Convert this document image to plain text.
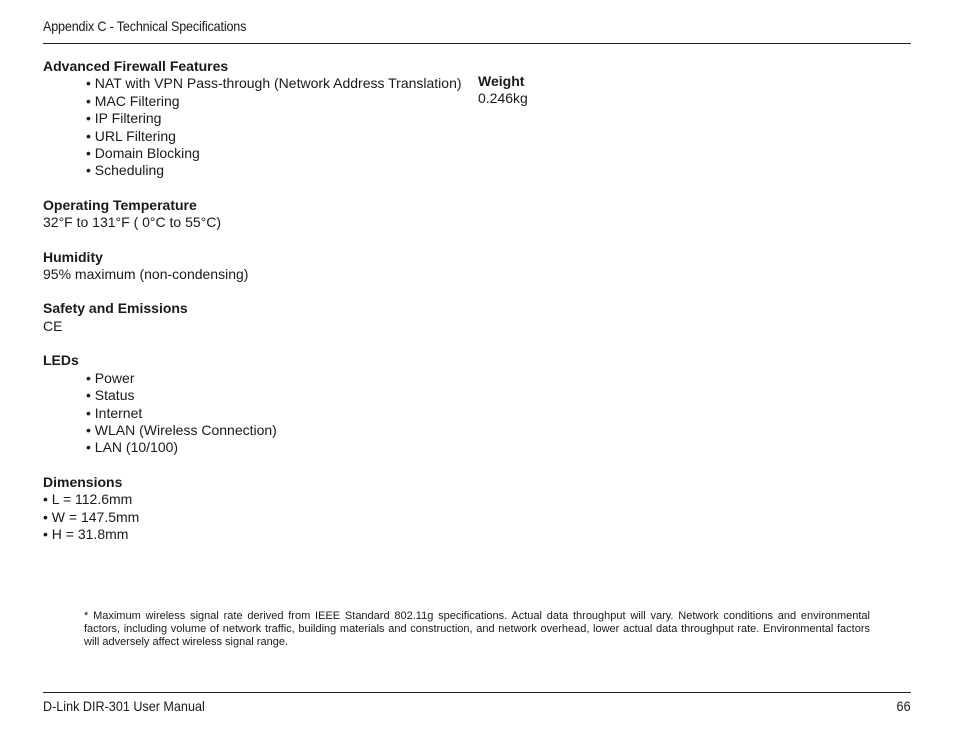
Appendix C - Technical Specifications

Advanced Firewall Features

• NAT with VPN Pass-through (Network Address Translation)
• MAC Filtering
• IP Filtering
• URL Filtering
• Domain Blocking
• Scheduling

Operating Temperature

32°F to 131°F ( 0°C to 55°C)

Humidity

95% maximum (non-condensing)

Safety and Emissions

CE

LEDs

• Power
• Status
• Internet
• WLAN (Wireless Connection)
• LAN (10/100)

Dimensions

• L = 112.6mm
• W = 147.5mm
• H = 31.8mm

Weight

0.246kg

* Maximum wireless signal rate derived from IEEE Standard 802.11g specifications. Actual data throughput will vary. Network conditions and environmental factors, including volume of network traffic, building materials and construction, and network overhead, lower actual data throughput rate. Environmental factors will adversely affect wireless signal range.
D-Link DIR-301 User Manual	66
